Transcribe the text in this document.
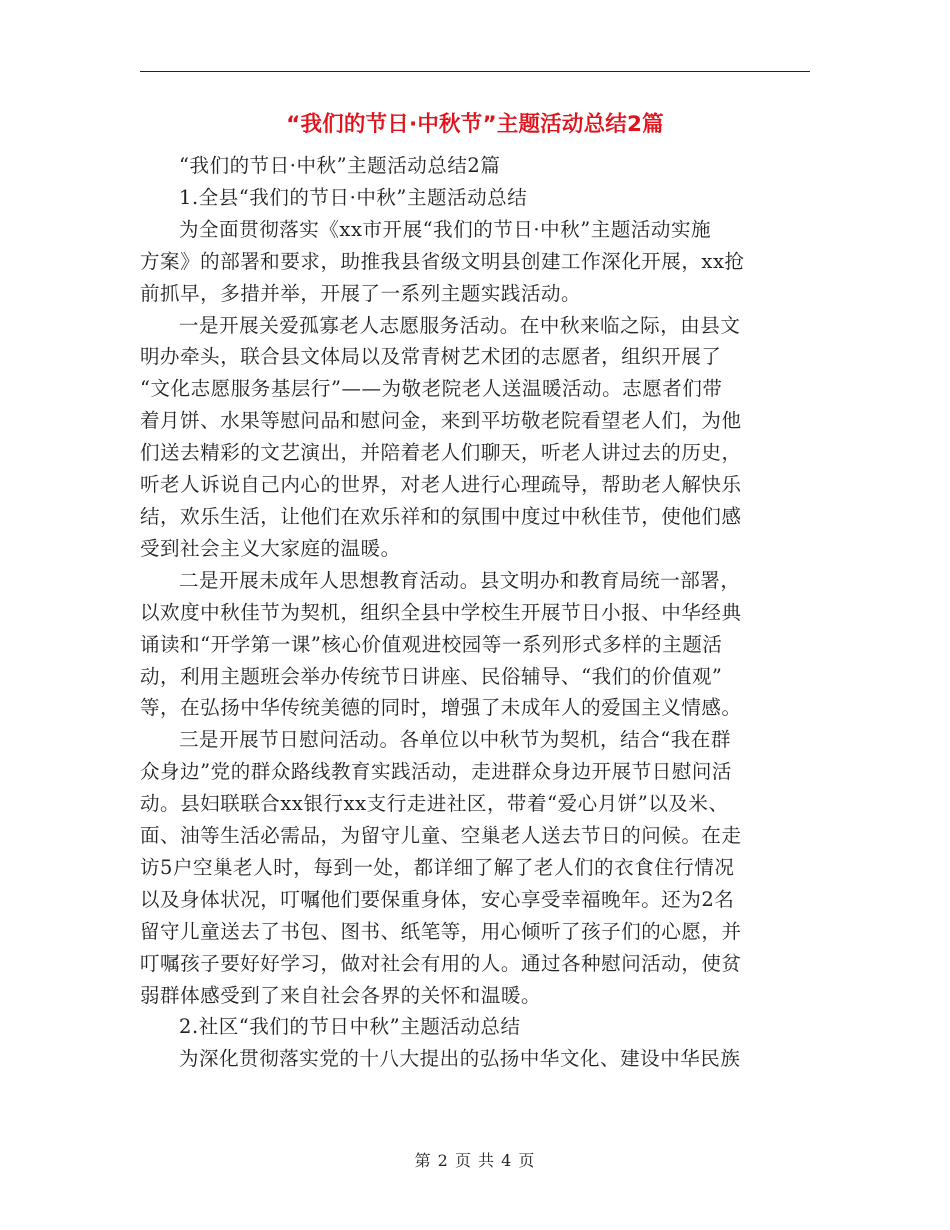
“我们的节日·中秋节”主题活动总结2篇

“我们的节日·中秋”主题活动总结2篇

1.全县“我们的节日·中秋”主题活动总结

为全面贯彻落实《xx市开展“我们的节日·中秋”主题活动实施
方案》的部署和要求，助推我县省级文明县创建工作深化开展，xx抢
前抓早，多措并举，开展了一系列主题实践活动。

一是开展关爱孤寡老人志愿服务活动。在中秋来临之际，由县文
明办牵头，联合县文体局以及常青树艺术团的志愿者，组织开展了
“文化志愿服务基层行”——为敬老院老人送温暖活动。志愿者们带
着月饼、水果等慰问品和慰问金，来到平坊敬老院看望老人们，为他
们送去精彩的文艺演出，并陪着老人们聊天，听老人讲过去的历史，
听老人诉说自己内心的世界，对老人进行心理疏导，帮助老人解快乐
结，欢乐生活，让他们在欢乐祥和的氛围中度过中秋佳节，使他们感
受到社会主义大家庭的温暖。

二是开展未成年人思想教育活动。县文明办和教育局统一部署，
以欢度中秋佳节为契机，组织全县中学校生开展节日小报、中华经典
诵读和“开学第一课”核心价值观进校园等一系列形式多样的主题活
动，利用主题班会举办传统节日讲座、民俗辅导、“我们的价值观”
等，在弘扬中华传统美德的同时，增强了未成年人的爱国主义情感。

三是开展节日慰问活动。各单位以中秋节为契机，结合“我在群
众身边”党的群众路线教育实践活动，走进群众身边开展节日慰问活
动。县妇联联合xx银行xx支行走进社区，带着“爱心月饼”以及米、
面、油等生活必需品，为留守儿童、空巢老人送去节日的问候。在走
访5户空巢老人时，每到一处，都详细了解了老人们的衣食住行情况
以及身体状况，叮嘱他们要保重身体，安心享受幸福晚年。还为2名
留守儿童送去了书包、图书、纸笔等，用心倾听了孩子们的心愿，并
叮嘱孩子要好好学习，做对社会有用的人。通过各种慰问活动，使贫
弱群体感受到了来自社会各界的关怀和温暖。

2.社区“我们的节日中秋”主题活动总结

为深化贯彻落实党的十八大提出的弘扬中华文化、建设中华民族

第 2 页 共 4 页
